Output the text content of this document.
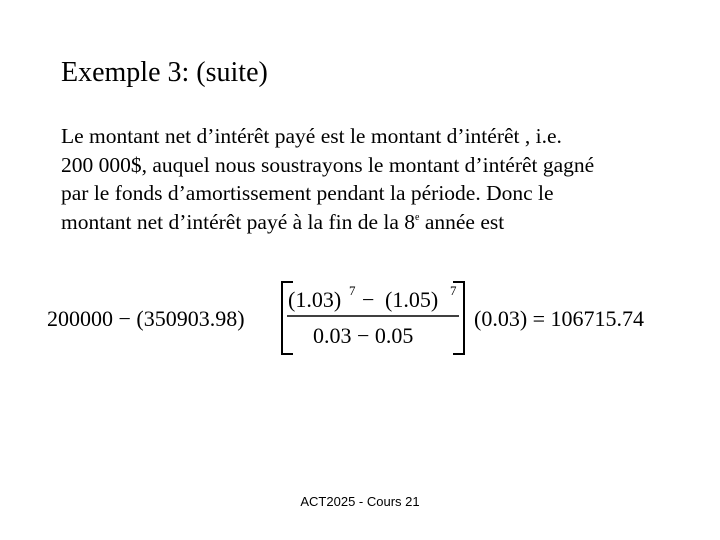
Exemple 3: (suite)
Le montant net d’intérêt payé est le montant d’intérêt , i.e.
200 000$, auquel nous soustrayons le montant d’intérêt gagné
par le fonds d’amortissement pendant la période. Donc le
montant net d’intérêt payé à la fin de la 8e année est
200000 − (350903.98)
(1.03) 7 − (1.05) 7
0.03 − 0.05
(0.03) = 106715.74
ACT2025 - Cours 21
